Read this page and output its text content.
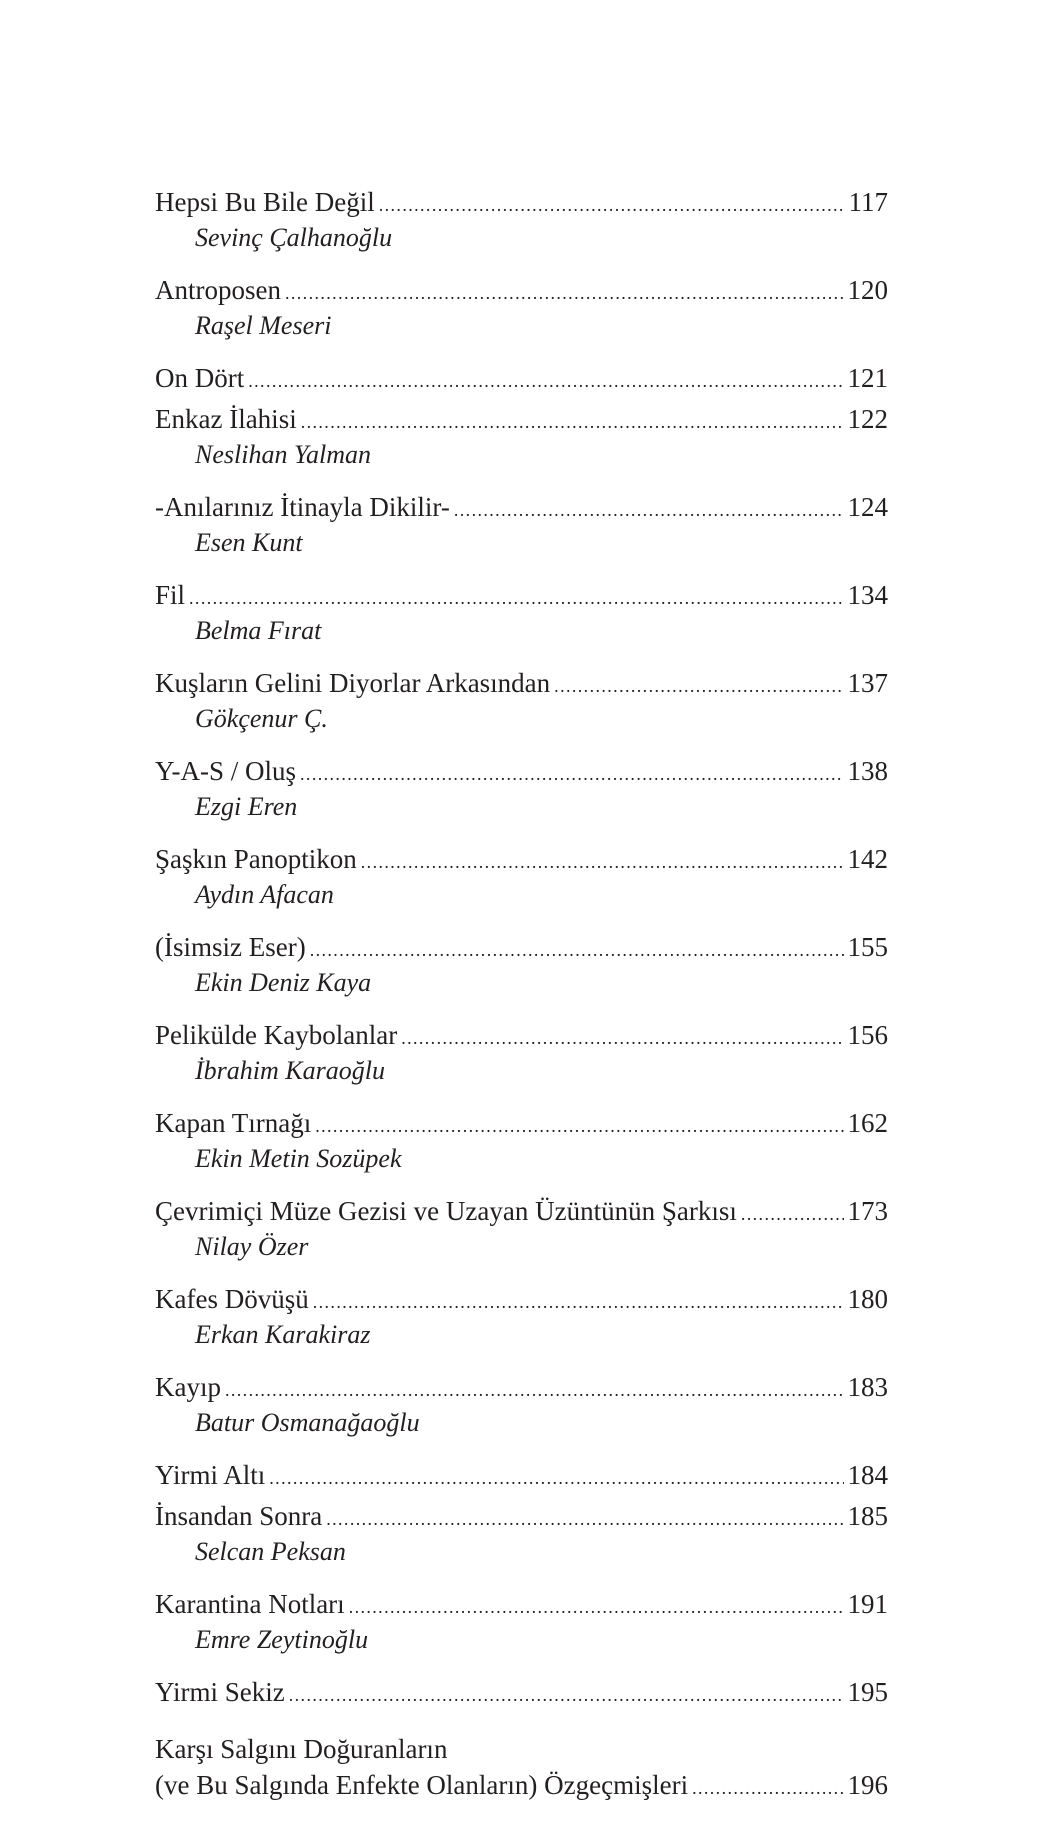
Hepsi Bu Bile Değil .....	117
Sevinç Çalhanoğlu
Antroposen .....	120
Raşel Meseri
On Dört .....	121
Enkaz İlahisi .....	122
Neslihan Yalman
-Anılarınız İtinayla Dikilir- .....	124
Esen Kunt
Fil .....	134
Belma Fırat
Kuşların Gelini Diyorlar Arkasından .....	137
Gökçenur Ç.
Y-A-S / Oluş .....	138
Ezgi Eren
Şaşkın Panoptikon .....	142
Aydın Afacan
(İsimsiz Eser) .....	155
Ekin Deniz Kaya
Pelikülde Kaybolanlar .....	156
İbrahim Karaoğlu
Kapan Tırnağı .....	162
Ekin Metin Sozüpek
Çevrimiçi Müze Gezisi ve Uzayan Üzüntünün Şarkısı .....	173
Nilay Özer
Kafes Dövüşü .....	180
Erkan Karakiraz
Kayıp .....	183
Batur Osmanağaoğlu
Yirmi Altı .....	184
İnsandan Sonra .....	185
Selcan Peksan
Karantina Notları .....	191
Emre Zeytinoğlu
Yirmi Sekiz .....	195
Karşı Salgını Doğuranların
(ve Bu Salgında Enfekte Olanların) Özgeçmişleri .....	196
